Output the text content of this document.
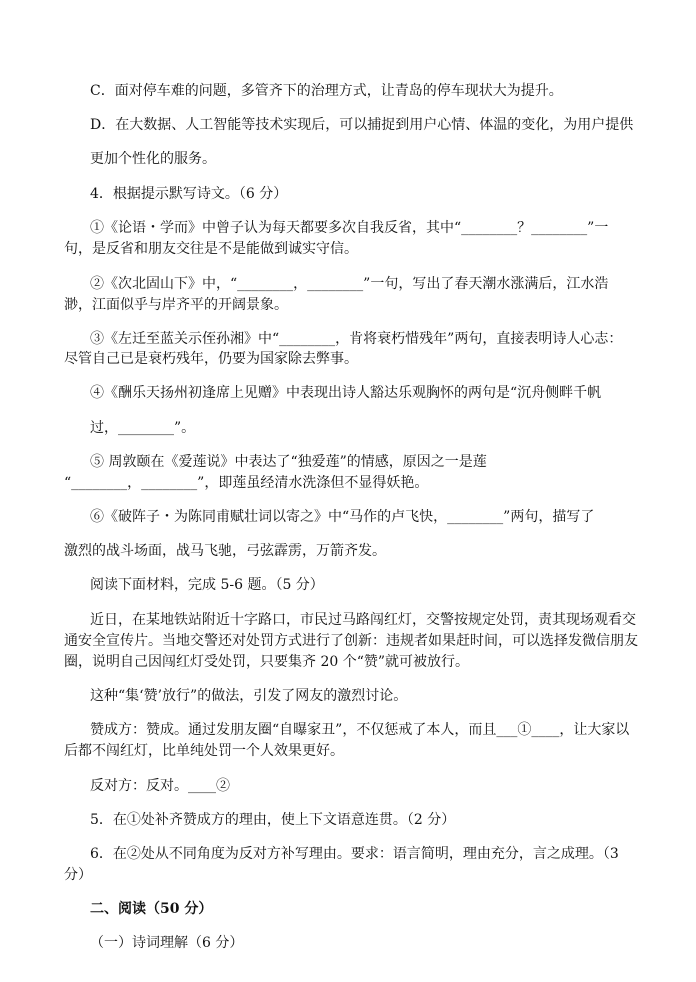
C．面对停车难的问题，多管齐下的治理方式，让青岛的停车现状大为提升。
D．在大数据、人工智能等技术实现后，可以捕捉到用户心情、体温的变化，为用户提供
更加个性化的服务。
4．根据提示默写诗文。（6 分）
①《论语・学而》中曾子认为每天都要多次自我反省，其中“________？________”一
句，是反省和朋友交往是不是能做到诚实守信。
②《次北固山下》中，“________，________”一句，写出了春天潮水涨满后，江水浩
渺，江面似乎与岸齐平的开阔景象。
③《左迁至蓝关示侄孙湘》中“________，肯将衰朽惜残年”两句，直接表明诗人心志：
尽管自己已是衰朽残年，仍要为国家除去弊事。
④《酬乐天扬州初逢席上见赠》中表现出诗人豁达乐观胸怀的两句是“沉舟侧畔千帆
过，________”。
⑤ 周敦颐在《爱莲说》中表达了“独爱莲”的情感，原因之一是莲
“________，________”，即莲虽经清水洗涤但不显得妖艳。
⑥《破阵子・为陈同甫赋壮词以寄之》中“马作的卢飞快，________”两句，描写了
激烈的战斗场面，战马飞驰，弓弦霹雳，万箭齐发。
阅读下面材料，完成 5-6 题。（5 分）
近日，在某地铁站附近十字路口，市民过马路闯红灯，交警按规定处罚，责其现场观看交
通安全宣传片。当地交警还对处罚方式进行了创新：违规者如果赶时间，可以选择发微信朋友
圈，说明自己因闯红灯受处罚，只要集齐 20 个“赞”就可被放行。
这种“集‘赞’放行”的做法，引发了网友的激烈讨论。
赞成方：赞成。通过发朋友圈“自曝家丑”，不仅惩戒了本人，而且___①____，让大家以
后都不闯红灯，比单纯处罚一个人效果更好。
反对方：反对。____②
5．在①处补齐赞成方的理由，使上下文语意连贯。（2 分）
6．在②处从不同角度为反对方补写理由。要求：语言简明，理由充分，言之成理。（3
分）
二、阅读（50 分）
（一）诗词理解（6 分）
